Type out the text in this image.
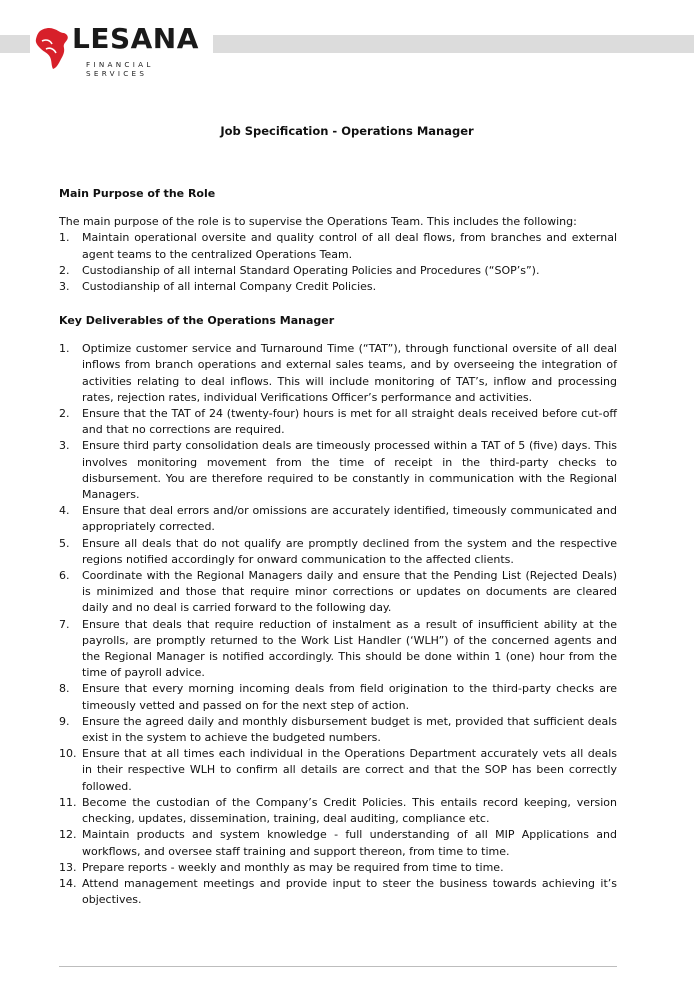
LESANA
FINANCIAL SERVICES
Job Specification - Operations Manager

Main Purpose of the Role

The main purpose of the role is to supervise the Operations Team. This includes the following:

1. Maintain operational oversite and quality control of all deal flows, from branches and external agent teams to the centralized Operations Team.
2. Custodianship of all internal Standard Operating Policies and Procedures (“SOP’s”).
3. Custodianship of all internal Company Credit Policies.

Key Deliverables of the Operations Manager

1. Optimize customer service and Turnaround Time (“TAT”), through functional oversite of all deal inflows from branch operations and external sales teams, and by overseeing the integration of activities relating to deal inflows. This will include monitoring of TAT’s, inflow and processing rates, rejection rates, individual Verifications Officer’s performance and activities.
2. Ensure that the TAT of 24 (twenty-four) hours is met for all straight deals received before cut-off and that no corrections are required.
3. Ensure third party consolidation deals are timeously processed within a TAT of 5 (five) days. This involves monitoring movement from the time of receipt in the third-party checks to disbursement. You are therefore required to be constantly in communication with the Regional Managers.
4. Ensure that deal errors and/or omissions are accurately identified, timeously communicated and appropriately corrected.
5. Ensure all deals that do not qualify are promptly declined from the system and the respective regions notified accordingly for onward communication to the affected clients.
6. Coordinate with the Regional Managers daily and ensure that the Pending List (Rejected Deals) is minimized and those that require minor corrections or updates on documents are cleared daily and no deal is carried forward to the following day.
7. Ensure that deals that require reduction of instalment as a result of insufficient ability at the payrolls, are promptly returned to the Work List Handler (‘WLH”) of the concerned agents and the Regional Manager is notified accordingly. This should be done within 1 (one) hour from the time of payroll advice.
8. Ensure that every morning incoming deals from field origination to the third-party checks are timeously vetted and passed on for the next step of action.
9. Ensure the agreed daily and monthly disbursement budget is met, provided that sufficient deals exist in the system to achieve the budgeted numbers.
10. Ensure that at all times each individual in the Operations Department accurately vets all deals in their respective WLH to confirm all details are correct and that the SOP has been correctly followed.
11. Become the custodian of the Company’s Credit Policies. This entails record keeping, version checking, updates, dissemination, training, deal auditing, compliance etc.
12. Maintain products and system knowledge - full understanding of all MIP Applications and workflows, and oversee staff training and support thereon, from time to time.
13. Prepare reports - weekly and monthly as may be required from time to time.
14. Attend management meetings and provide input to steer the business towards achieving it’s objectives.
